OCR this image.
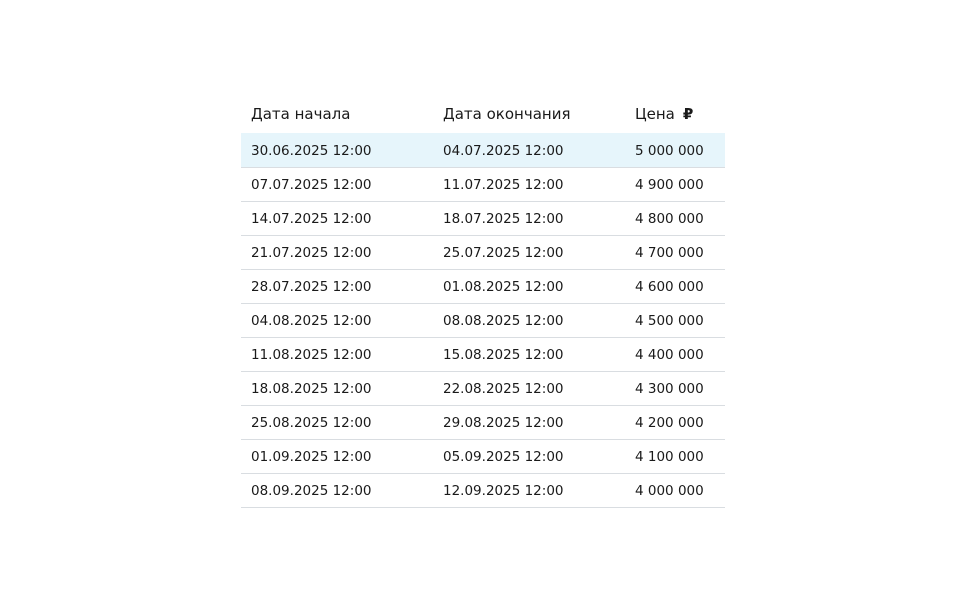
Дата начала	Дата окончания	Цена ₽
30.06.2025 12:00	04.07.2025 12:00	5 000 000
07.07.2025 12:00	11.07.2025 12:00	4 900 000
14.07.2025 12:00	18.07.2025 12:00	4 800 000
21.07.2025 12:00	25.07.2025 12:00	4 700 000
28.07.2025 12:00	01.08.2025 12:00	4 600 000
04.08.2025 12:00	08.08.2025 12:00	4 500 000
11.08.2025 12:00	15.08.2025 12:00	4 400 000
18.08.2025 12:00	22.08.2025 12:00	4 300 000
25.08.2025 12:00	29.08.2025 12:00	4 200 000
01.09.2025 12:00	05.09.2025 12:00	4 100 000
08.09.2025 12:00	12.09.2025 12:00	4 000 000
